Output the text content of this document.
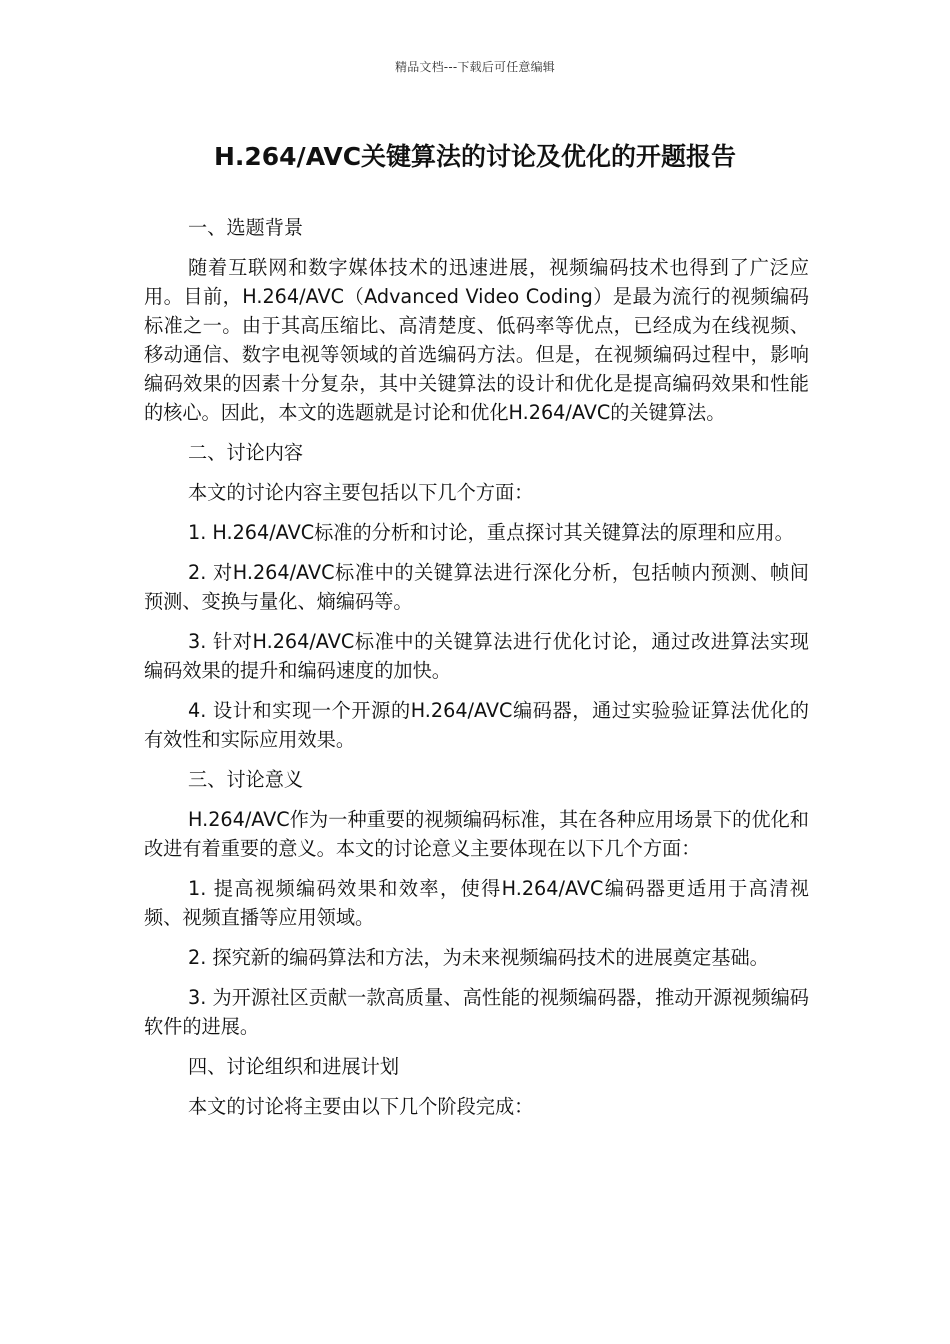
精品文档---下载后可任意编辑
H.264/AVC关键算法的讨论及优化的开题报告

一、选题背景

随着互联网和数字媒体技术的迅速进展，视频编码技术也得到了广泛应用。目前，H.264/AVC（Advanced Video Coding）是最为流行的视频编码标准之一。由于其高压缩比、高清楚度、低码率等优点，已经成为在线视频、移动通信、数字电视等领域的首选编码方法。但是，在视频编码过程中，影响编码效果的因素十分复杂，其中关键算法的设计和优化是提高编码效果和性能的核心。因此，本文的选题就是讨论和优化H.264/AVC的关键算法。

二、讨论内容

本文的讨论内容主要包括以下几个方面：

1. H.264/AVC标准的分析和讨论，重点探讨其关键算法的原理和应用。

2. 对H.264/AVC标准中的关键算法进行深化分析，包括帧内预测、帧间预测、变换与量化、熵编码等。

3. 针对H.264/AVC标准中的关键算法进行优化讨论，通过改进算法实现编码效果的提升和编码速度的加快。

4. 设计和实现一个开源的H.264/AVC编码器，通过实验验证算法优化的有效性和实际应用效果。

三、讨论意义

H.264/AVC作为一种重要的视频编码标准，其在各种应用场景下的优化和改进有着重要的意义。本文的讨论意义主要体现在以下几个方面：

1. 提高视频编码效果和效率，使得H.264/AVC编码器更适用于高清视频、视频直播等应用领域。

2. 探究新的编码算法和方法，为未来视频编码技术的进展奠定基础。

3. 为开源社区贡献一款高质量、高性能的视频编码器，推动开源视频编码软件的进展。

四、讨论组织和进展计划

本文的讨论将主要由以下几个阶段完成：
